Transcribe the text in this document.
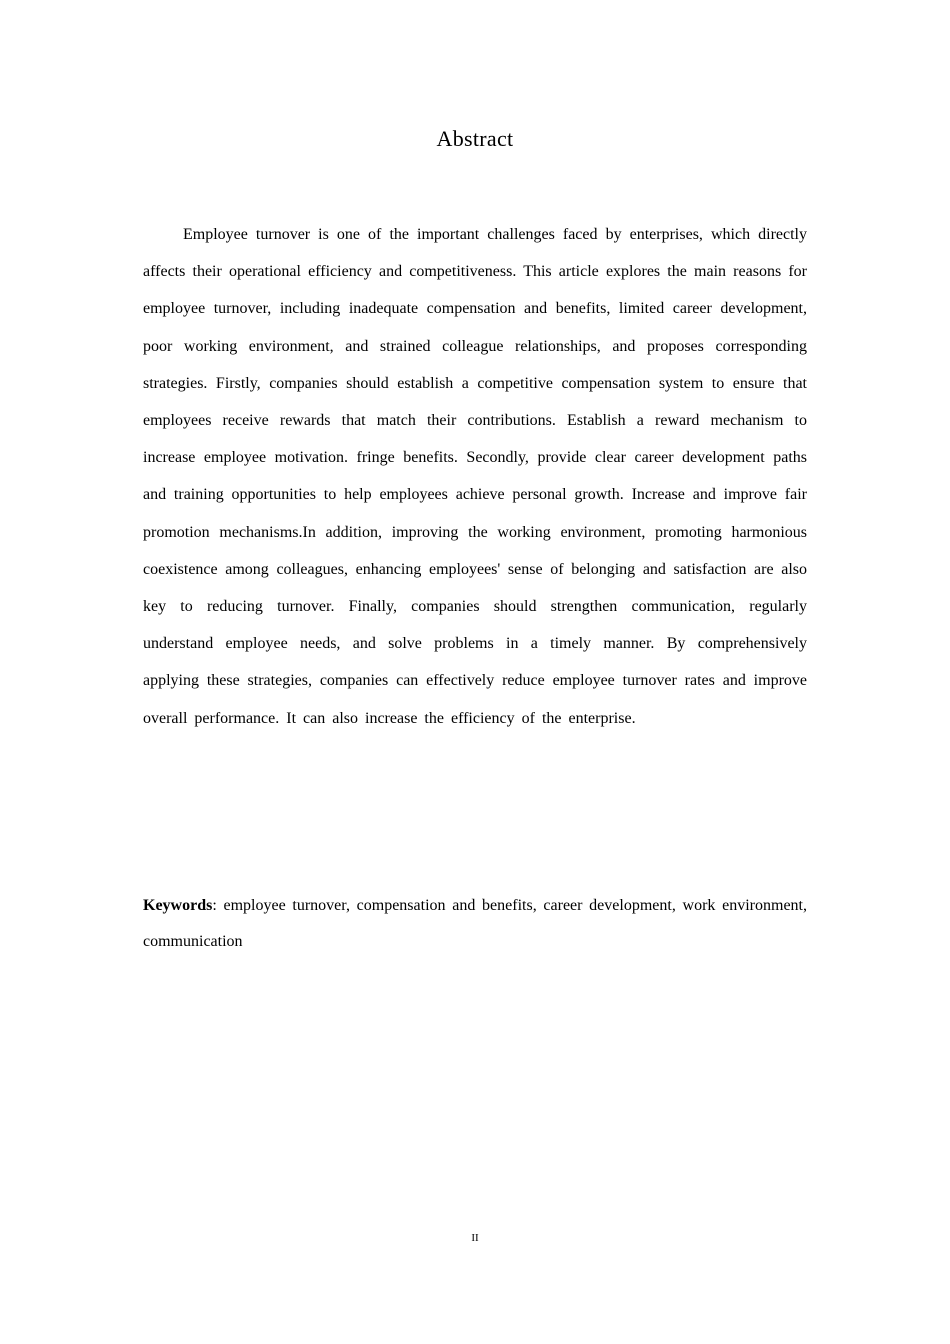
Abstract

Employee turnover is one of the important challenges faced by enterprises, which directly affects their operational efficiency and competitiveness. This article explores the main reasons for employee turnover, including inadequate compensation and benefits, limited career development, poor working environment, and strained colleague relationships, and proposes corresponding strategies. Firstly, companies should establish a competitive compensation system to ensure that employees receive rewards that match their contributions. Establish a reward mechanism to increase employee motivation. fringe benefits. Secondly, provide clear career development paths and training opportunities to help employees achieve personal growth. Increase and improve fair promotion mechanisms.In addition, improving the working environment, promoting harmonious coexistence among colleagues, enhancing employees' sense of belonging and satisfaction are also key to reducing turnover. Finally, companies should strengthen communication, regularly understand employee needs, and solve problems in a timely manner. By comprehensively applying these strategies, companies can effectively reduce employee turnover rates and improve overall performance. It can also increase the efficiency of the enterprise.

Keywords: employee turnover, compensation and benefits, career development, work environment, communication

II
